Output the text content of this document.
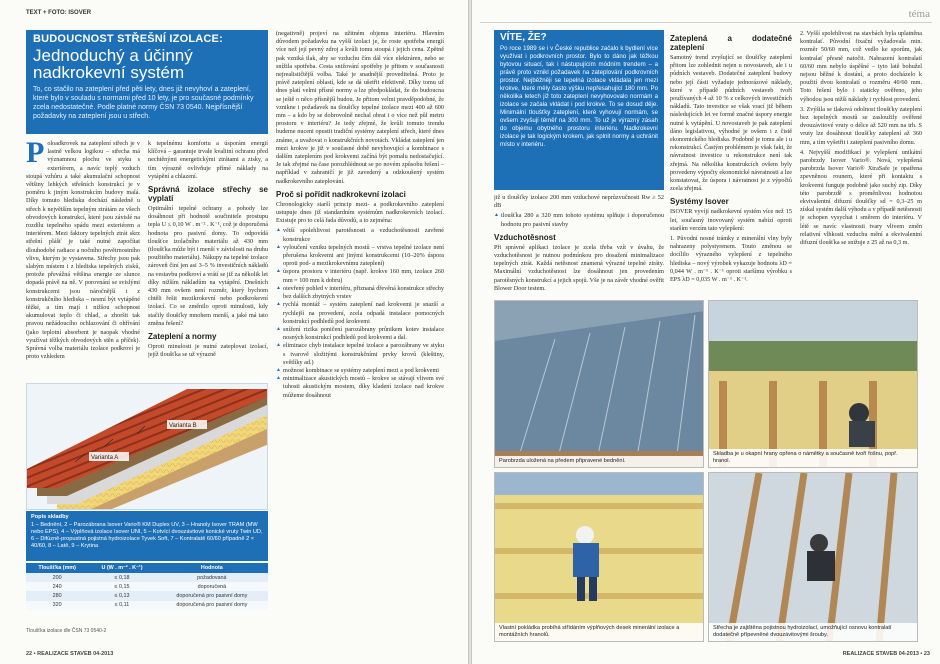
TEXT + FOTO: ISOVER
BUDOUCNOST STŘEŠNÍ IZOLACE:
Jednoduchý a účinný nadkrokevní systém
To, co stačilo na zateplení před pěti lety, dnes již nevyhoví a zateplení, které bylo v souladu s normami před 10 lety, je pro současné podmínky zcela nedostatečné. Podle platné normy ČSN 73 0540. Nejpřísnější požadavky na zateplení jsou u střech.
P oloadkrovek na zateplení střech je v lastně velkou logikou – střecha má významnou plochu ve styku s exteriérem, a navíc teplý vzduch stoupá vzhůru a také akumulační schopnost většiny lehkých střešních konstrukcí je v poměru k jiným konstrukcím budovy malá. Díky tomuto hledisku dochází následně u střech k největším tepelným ztrátám ze všech obvodových konstrukcí, které jsou závislé na rozdílu tepelného spádu mezi exteriérem a interiérem. Mezi faktory tepelných ztrát skrz střešní plášť je také nutné započítat dlouhodobé radiace a nočního povětrnostního vlivu, kterým je vystavena. Střechy jsou pak slabým místem i z hlediska tepelných zisků, protože převážná většina energie ze slunce dopadá právě na ně. V porovnání se svislými konstrukcemi jsou náročnější i z konstrukčního hlediska – nesmí být vytápěné těžké, a tím mají i nižšou schopnost akumulovat teplo či chlad, a zhoršit tak pravou nežádoucího ochlazování či ohřívání (jako teplotní absorbent je naopak vhodné využívat těžkých obvodových stěn a příček). Správná volba materiálu izolace podkroví je proto vzhledem

k tepelnému komfortu a úsporám energií klíčová – garantuje trvale kvalitní ochranu před nechtěnými energetickými ztrátami a zisky, a tím výrazně ovlivňuje přímé náklady na vytápění a chlazení.

Správná izolace střechy se vyplatí

Optimální tepelné ochrany a pohody lze dosáhnout při hodnotě součinitele prostupu tepla U ≤ 0,10 W . m⁻² . K⁻¹, což je doporučená hodnota pro pasivní domy. To odpovídá tloušťce izolačního materiálu až 430 mm (tloušťka může být i menší v závislosti na druhu použitého materiálu). Nákupy na tepelné izolace zároveň činí jen asi 3–5 % investičních nákladů na vestavbu podkroví a vrátí se již za několik let díky nižším nákladům na vytápění. Dnešních 430 mm ovšem není rozměr, který bychom chtěli řešit mezikrokevní nebo podkrokevní izolací. Co se změnilo oproti minulosti, kdy stačily tloušťky mnohem menší, a jaké má tato změna řešení?

Zateplení a normy

Oproti minulosti je nutné zateplovat izolací, jejíž tloušťka se už výrazně

(negativně) projeví na užitném objemu interiéru. Hlavním důvodem požadavku na vyšší izolaci je, že roste spotřeba energií více než její pevný zdroj a kvůli tomu stoupá i jejich cena. Zpětně pak vzniká tlak, aby se vzduchu čím dál více elektráren, nebo se snížila spotřeba. Cesta snižování spotřeby je přitom v současnosti nejrealističtější volba. Také je snadnější proveditelná. Proto je právě zateplení oblastí, kde se dá ušetřit efektivně. Díky tomu už dnes platí velmi přísné normy a lze předpokládat, že do budoucna se ještě o něco přísnější budou. Je přitom velmi pravděpodobné, že vznikne i požadavek na tloušťky tepelné izolace mezi 400 až 600 mm – a kdo by se dobrovolně nechal obrat i o více než půl metru prostoru v interiéru? Je tedy zřejmé, že kvůli tomuto trendu budeme nuceni opustit tradiční systémy zateplení střech, které dnes známe, a uvažovat o konstrukčních novotách. Vkládat zateplení jen mezi krokve je již v současné době nevyhovující a kombinace s dalším zateplením pod krokvemi začíná být pomalu nedostačující. Je tak zřejmé na čase porozhlédnout se po novém způsobu řešení – například v zahraničí je již zavedený a odzkoušený systém nadkrokevního zateplování.

Proč si pořídit nadkrokevní izolaci

Chronologicky starší princip mezi- a podkrokevního zateplení ustupuje dnes již standardním systémům nadkrokevních izolací. Existuje pro to celá řada důvodů, a to zejména:

▲ větší spolehlivost parotěsnosti a vzduchotěsnosti zavřené konstrukce
▲ vyloučení vzniku tepelných mostů – vrstva tepelné izolace není přerušena krokvemi ani jinými konstrukcemi (10–20% úspora oproti pod- a mezikrokevnímu zateplení)
▲ úspora prostoru v interiéru (např. krokve 160 mm, izolace 260 mm = 100 mm k dobru)
▲ otevřený pohled v interiéru, přiznaná dřevěná konstrukce střechy bez dalších zbytných vrstev
▲ rychlá montáž – systém zateplení nad krokvemi je snazší a rychlejší na provedení, zcela odpadá instalace pomocných konstrukcí podhledů pod krokvemi
▲ snížení rizika poničení parozábrany průnikem kotev instalace nosných konstrukcí podhledů pod krokvemi a dal.
▲ eliminace chyb instalace tepelné izolace a parozábrany ve styku s tvarově složitými konstrukčními prvky krovů (kleštiny, světlíky ad.)
▲ možnost kombinace se systémy zateplení mezi a pod krokvemi
▲ minimalizace akustických mostů – krokve se stávají vlivem své tuhosti akustickým mostem, díky kladení izolace nad krokve můžeme dosáhnout
Varianta A
Varianta B
Popis skladby
1 – Bednění, 2 – Parozábrana Isover Vario® KM Duplex UV, 3 – Hranoly Isover TRAM (MW nebo EPS), 4 – Výplňová izolace Isover UNI, 5 – Kotvící dvouzávitové konické vruty Twin UD, 6 – Difúzně-propustná pojistná hydroizolace Tyvek Soft, 7 – Kontralatě 60/60 případně 2 × 40/60, 8 – Latě, 9 – Krytina
Tloušťka (mm)	U (W . m⁻² . K⁻¹)	Hodnota
200	≤ 0,18	požadovaná
240	≤ 0,15	doporučená
280	≤ 0,13	doporučená pro pasivní domy
320	≤ 0,11	doporučená pro pasivní domy
Tloušťka izolace dle ČSN 73 0540-2
22 • REALIZACE STAVEB 04-2013
téma
VÍTE, ŽE?
Po roce 1989 se i v České republice začalo k bydlení více využívat i podkrovních prostor. Bylo to dáno jak těžkou bytovou situací, tak i nástupujícím módním trendem – a právě proto vznikl požadavek na zateplování podkrovních prostor. Nejběžněji se tepelná izolace vkládala jen mezi krokve, které měly často výšku nepřesahující 180 mm. Po několika letech již toto zateplení nevyhovovalo normám a izolace se začala vkládat i pod krokve. To se dosud děje. Minimální tloušťky zateplení, které vyhovují normám, se ovšem zvyšují téměř na 300 mm. To už je výrazný zásah do objemu obytného prostoru interiéru. Nadkrokevní izolace je tak logickým krokem, jak splnit normy a uchránit místo v interiéru.

již u tloušťky izolace 200 mm vzduchové neprůzvučnosti Rw ≥ 52 dB

▲ tloušťka 280 a 320 mm tohoto systému splňuje i doporučenou hodnotu pro pasivní stavby
Vzduchotěsnost

Při správné aplikaci izolace je zcela třeba vzít v úvahu, že vzduchotěsnost je nutnou podmínkou pro dosažení minimalizace tepelných ztrát. Každá netěsnost znamená výrazné tepelné ztráty. Maximální vzduchotěsnost lze dosáhnout jen provedením parotěsných konstrukcí a jejich spojů. Vše je na závěr vhodné ověřit Blower Door testem.

Zateplená a dodatečné zateplení

Samotný trend zvyšující se tloušťky zateplení přitom lze zohlednit nejen u novostaveb, ale i u půdních vestaveb. Dodatečné zateplení budovy nebo její části vyžaduje jednorázové náklady, které v případě půdních vestaveb tvoří používaných 4 až 10 % z celkových investičních nákladů. Tato investice se však vrací již během následujících let ve formě značné úspory energie nutné k vytápění. U novostaveb je pak zateplení dáno legislativou, výhodné je ovšem i z čistě ekonomického hlediska. Podobně je tomu ale i u rekonstrukcí. Častým problémem je však fakt, že návratnost investice u rekonstrukce není tak zřejmá. Na několika konstrukcích ovšem byly provedeny výpočty ekonomické návratnosti a lze konstatovat, že úspora i návratnost je z výpočtů zcela zřejmá.

Systémy Isover

ISOVER vyvíjí nadkrokevní systém více než 15 let, současný inovovaný systém nabízí oproti starším verzím tato vylepšení:

1. Původní nosné trámky z minerální vlny byly nahrazeny polystyrenem. Touto změnou se docílilo výrazného vylepšení z tepelného hlediska – nový výrobek vykazuje hodnotu λD = 0,044 W . m⁻¹ . K⁻¹ oproti staršímu výrobku s EPS λD = 0,035 W . m⁻¹ . K⁻¹.

2. Vyšší spolehlivost na stavbách byla uplatněna kontralať. Původní fixační vyžadovala min. rozměr 50/60 mm, což vedlo ke sporům, jak kontralať přesně natočit. Nahrazení kontralatí 60/60 mm nebylo úspěšné – tyto latě bohužel nejsou běžné k dostání, a proto docházelo k použití dvou kontralatí o rozměru 40/60 mm. Toto řešení bylo i staticky ověřeno, jeho výhodou jsou nižší náklady i rychlost provedení.

3. Zvýšila se tlaková odolnost tloušťky zateplení bez tepelných mostů se zasloužily ověřené dvouzávitové vruty o délce až 520 mm na trh. S vruty lze dosáhnout tloušťky zateplení až 360 mm, a tím vyšetřit i zateplení pasivního domu.

4. Nejvyšší modifikací je vylepšení unikátní parobrzdy Isover Vario®. Nová, vylepšená parobrzda Isover Vario® XtraSafe je opatřena zpevněnou rounem, které při kontaktu s krokvemi funguje podobně jako suchý zip. Díky této parobrzdě s proměnlivou hodnotou ekvivalentní difuzní tloušťky sd = 0,3–25 m získal systém další výhodu a v případě netěsnosti je schopen vysychat i směrem do interiéru. V létě se navíc vlastnosti tvary vlivem změn relativní vlhkosti vzduchu mění a ekvivalentní difuzní tloušťka se snižuje z 25 až na 0,3 m.

Parobrzda uložená na předem připravené bednění.
Skladba je u okapní hrany opřena o námětky a současně tvoří fošnu, popř. hranol.
Vlastní pokládka probíhá střídáním výplňových desek minerální izolace a montážních hranolů.
Střecha je zajištěna pojistnou hydroizolací, umožňující osnovu kontralatí dodatečně přípevněné dvouzávitovými šrouby.
REALIZACE STAVEB 04-2013 • 23
